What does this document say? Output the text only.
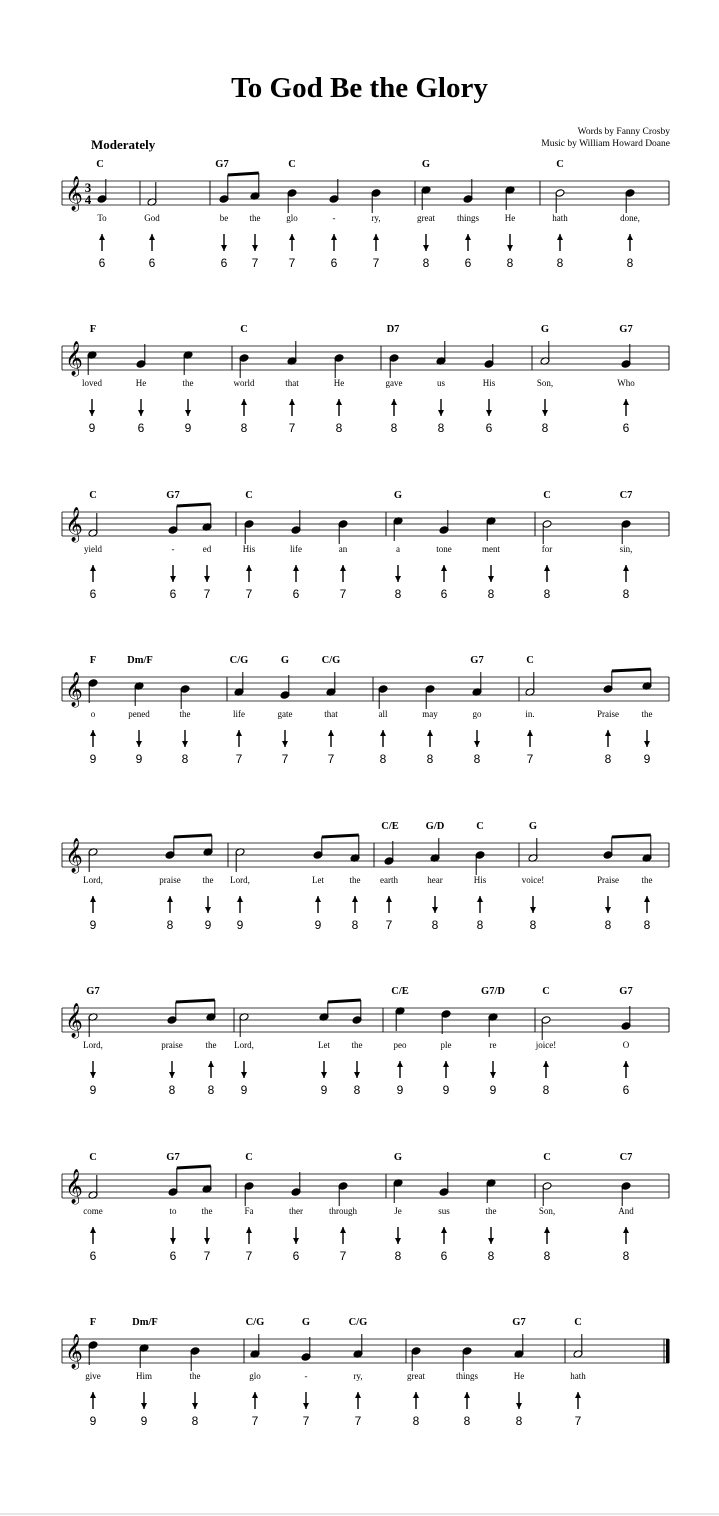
To God Be the Glory
Moderately
Words by Fanny Crosby
Music by William Howard Doane
𝄞 3
4
C	G7	C	G	C
To
6
God
6
be
6
the
7
glo
7
-
6
ry,
7
great
8
things
6
He
8
hath
8
done,
8
𝄞
F	C	D7	G	G7
loved
9
He
6
the
9
world
8
that
7
He
8
gave
8
us
8
His
6
Son,
8
Who
6
𝄞
C	G7	C	G	C	C7
yield
6
-
6
ed
7
His
7
life
6
an
7
a
8
tone
6
ment
8
for
8
sin,
8
𝄞
F	Dm/F	C/G	G	C/G	G7	C
o
9
pened
9
the
8
life
7
gate
7
that
7
all
8
may
8
go
8
in.
7
Praise
8
the
9
𝄞
C/E	G/D	C	G
Lord,
9
praise
8
the
9
Lord,
9
Let
9
the
8
earth
7
hear
8
His
8
voice!
8
Praise
8
the
8
𝄞
G7	C/E	G7/D	C	G7
Lord,
9
praise
8
the
8
Lord,
9
Let
9
the
8
peo
9
ple
9
re
9
joice!
8
O
6
𝄞
C	G7	C	G	C	C7
come
6
to
6
the
7
Fa
7
ther
6
through
7
Je
8
sus
6
the
8
Son,
8
And
8
𝄞
F	Dm/F	C/G	G	C/G	G7	C
give
9
Him
9
the
8
glo
7
-
7
ry,
7
great
8
things
8
He
8
hath
7
